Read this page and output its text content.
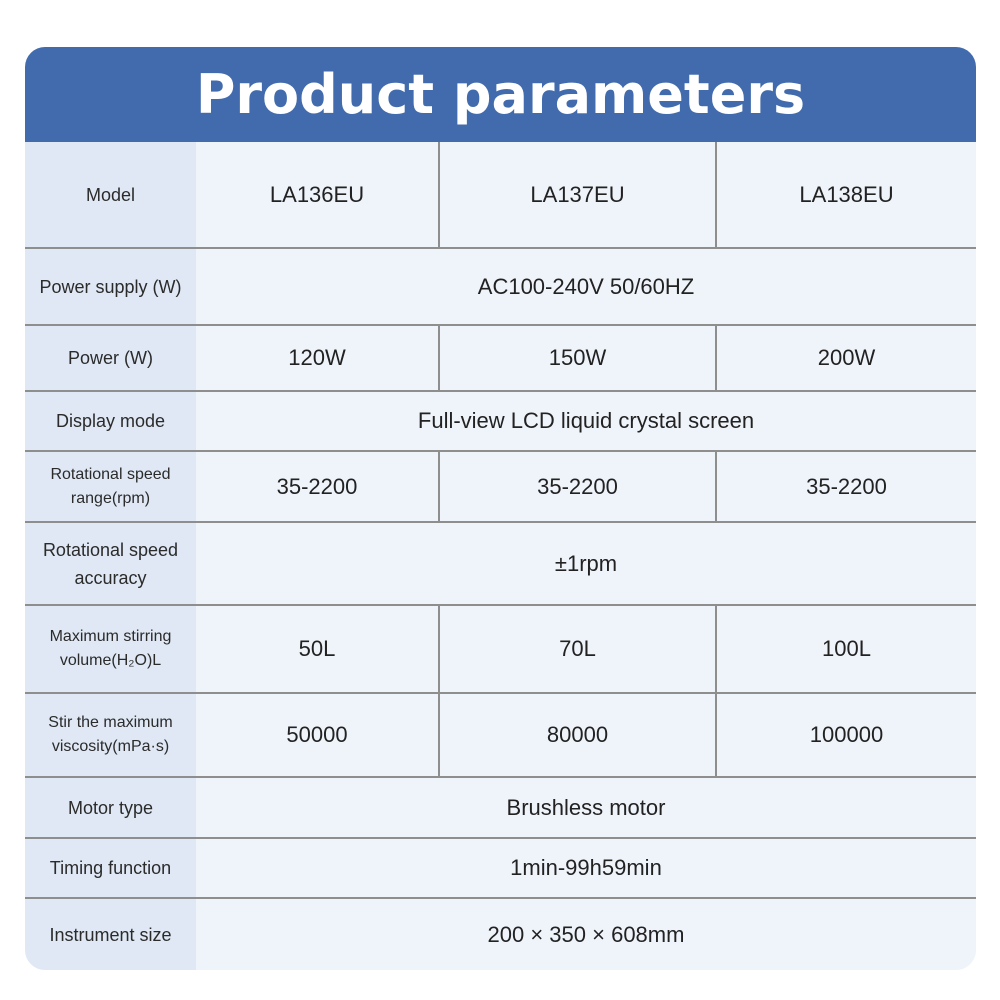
Product parameters
Model	LA136EU	LA137EU	LA138EU
Power supply (W)	AC100-240V 50/60HZ		
Power (W)	120W	150W	200W
Display mode	Full-view LCD liquid crystal screen		
Rotational speed range(rpm)	35-2200	35-2200	35-2200
Rotational speed accuracy	±1rpm		
Maximum stirring volume(H₂O)L	50L	70L	100L
Stir the maximum viscosity(mPa·s)	50000	80000	100000
Motor type	Brushless motor		
Timing function	1min-99h59min		
Instrument size	200 × 350 × 608mm		
